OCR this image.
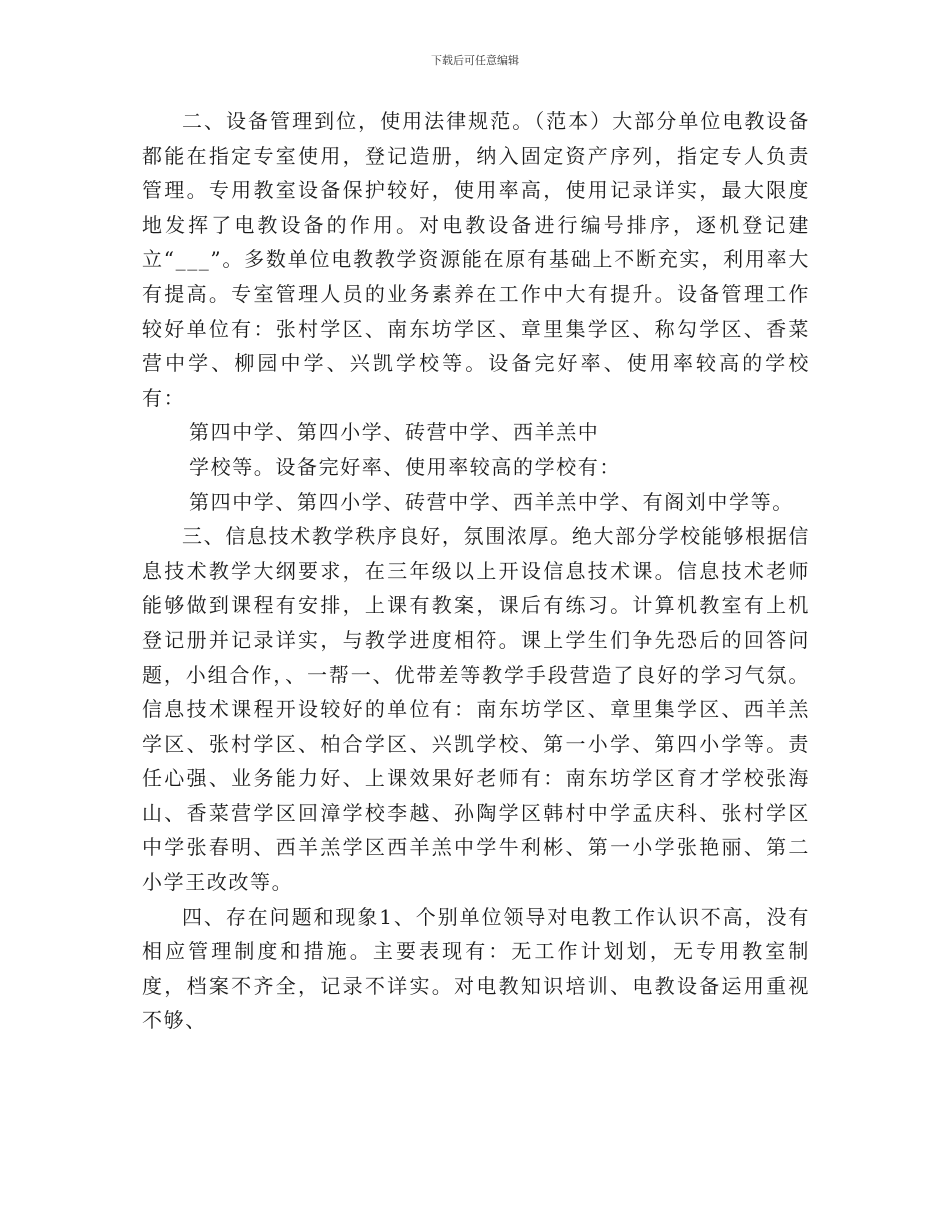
下载后可任意编辑

二、设备管理到位，使用法律规范。（范本）大部分单位电教设备都能在指定专室使用，登记造册，纳入固定资产序列，指定专人负责管理。专用教室设备保护较好，使用率高，使用记录详实，最大限度地发挥了电教设备的作用。对电教设备进行编号排序，逐机登记建立“___”。多数单位电教教学资源能在原有基础上不断充实，利用率大有提高。专室管理人员的业务素养在工作中大有提升。设备管理工作较好单位有：张村学区、南东坊学区、章里集学区、称勾学区、香菜营中学、柳园中学、兴凯学校等。设备完好率、使用率较高的学校有：

第四中学、第四小学、砖营中学、西羊羔中

学校等。设备完好率、使用率较高的学校有：

第四中学、第四小学、砖营中学、西羊羔中学、有阁刘中学等。

三、信息技术教学秩序良好，氛围浓厚。绝大部分学校能够根据信息技术教学大纲要求，在三年级以上开设信息技术课。信息技术老师能够做到课程有安排，上课有教案，课后有练习。计算机教室有上机登记册并记录详实，与教学进度相符。课上学生们争先恐后的回答问题，小组合作，、一帮一、优带差等教学手段营造了良好的学习气氛。信息技术课程开设较好的单位有：南东坊学区、章里集学区、西羊羔学区、张村学区、柏合学区、兴凯学校、第一小学、第四小学等。责任心强、业务能力好、上课效果好老师有：南东坊学区育才学校张海山、香菜营学区回漳学校李越、孙陶学区韩村中学孟庆科、张村学区中学张春明、西羊羔学区西羊羔中学牛利彬、第一小学张艳丽、第二小学王改改等。

四、存在问题和现象1、个别单位领导对电教工作认识不高，没有相应管理制度和措施。主要表现有：无工作计划划，无专用教室制度，档案不齐全，记录不详实。对电教知识培训、电教设备运用重视不够、
